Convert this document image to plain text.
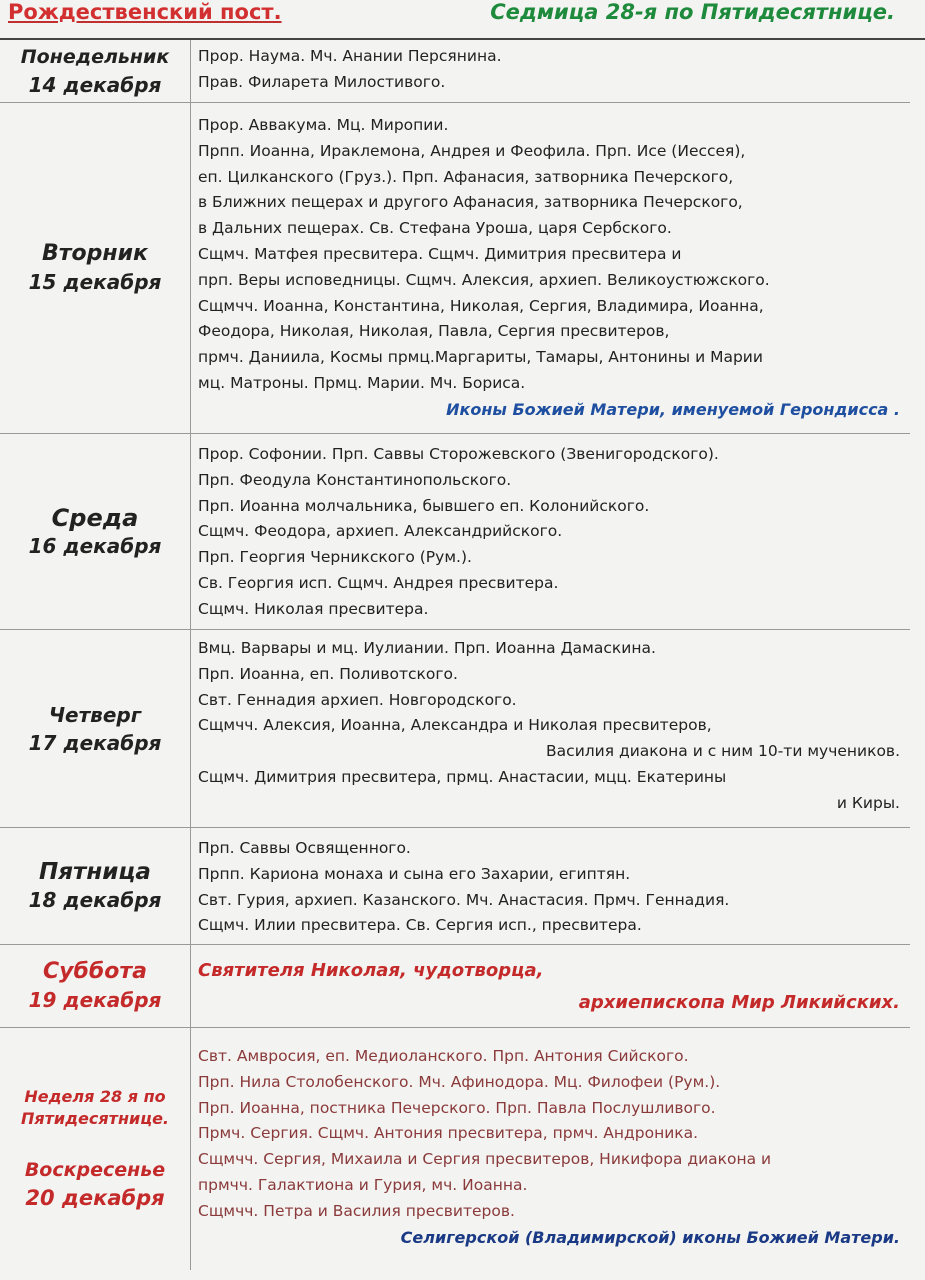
Рождественский пост.	Седмица 28-я по Пятидесятнице.
Понедельник
14 декабря
Прор. Наума. Мч. Анании Персянина.
Прав. Филарета Милостивого.
Вторник
15 декабря
Прор. Аввакума. Мц. Миропии.
Прпп. Иоанна, Ираклемона, Андрея и Феофила. Прп. Исе (Иессея),
еп. Цилканского (Груз.). Прп. Афанасия, затворника Печерского,
в Ближних пещерах и другого Афанасия, затворника Печерского,
в Дальних пещерах. Св. Стефана Уроша, царя Сербского.
Сщмч. Матфея пресвитера. Сщмч. Димитрия пресвитера и
прп. Веры исповедницы. Сщмч. Алексия, архиеп. Великоустюжского.
Сщмчч. Иоанна, Константина, Николая, Сергия, Владимира, Иоанна,
Феодора, Николая, Николая, Павла, Сергия пресвитеров,
прмч. Даниила, Космы прмц.Маргариты, Тамары, Антонины и Марии
мц. Матроны. Прмц. Марии. Мч. Бориса.
Иконы Божией Матери, именуемой Герондисса .
Среда
16 декабря
Прор. Софонии. Прп. Саввы Сторожевского (Звенигородского).
Прп. Феодула Константинопольского.
Прп. Иоанна молчальника, бывшего еп. Колонийского.
Сщмч. Феодора, архиеп. Александрийского.
Прп. Георгия Черникского (Рум.).
Св. Георгия исп. Сщмч. Андрея пресвитера.
Сщмч. Николая пресвитера.
Четверг
17 декабря
Вмц. Варвары и мц. Иулиании. Прп. Иоанна Дамаскина.
Прп. Иоанна, еп. Поливотского.
Свт. Геннадия архиеп. Новгородского.
Сщмчч. Алексия, Иоанна, Александра и Николая пресвитеров,
Василия диакона и с ним 10-ти мучеников.
Сщмч. Димитрия пресвитера, прмц. Анастасии, мцц. Екатерины
и Киры.
Пятница
18 декабря
Прп. Саввы Освященного.
Прпп. Кариона монаха и сына его Захарии, египтян.
Свт. Гурия, архиеп. Казанского. Мч. Анастасия. Прмч. Геннадия.
Сщмч. Илии пресвитера. Св. Сергия исп., пресвитера.
Суббота
19 декабря
Святителя Николая, чудотворца,
архиепископа Мир Ликийских.
Неделя 28 я по Пятидесятнице.
Воскресенье
20 декабря
Свт. Амвросия, еп. Медиоланского. Прп. Антония Сийского.
Прп. Нила Столобенского. Мч. Афинодора. Мц. Филофеи (Рум.).
Прп. Иоанна, постника Печерского. Прп. Павла Послушливого.
Прмч. Сергия. Сщмч. Антония пресвитера, прмч. Андроника.
Сщмчч. Сергия, Михаила и Сергия пресвитеров, Никифора диакона и
прмчч. Галактиона и Гурия, мч. Иоанна.
Сщмчч. Петра и Василия пресвитеров.
Селигерской (Владимирской) иконы Божией Матери.
